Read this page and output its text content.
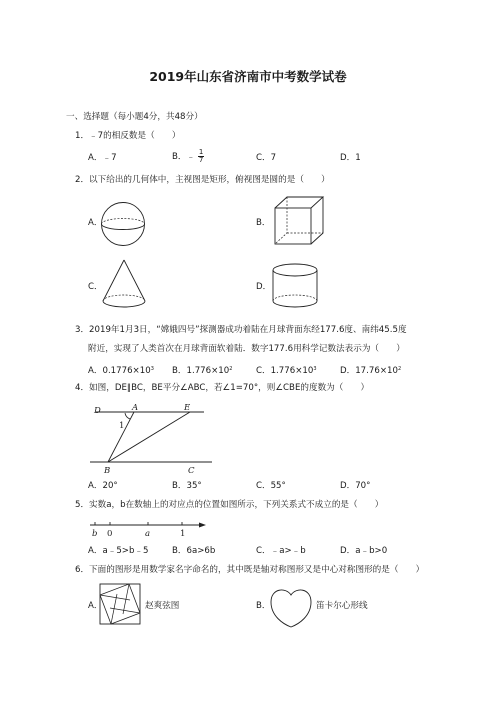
2019年山东省济南市中考数学试卷
一、选择题（每小题4分，共48分）
1．﹣7的相反数是（　　）
A．﹣7	B．﹣ $\frac{1}{7}$	C．7	D．1
2．以下给出的几何体中，主视图是矩形，俯视图是圆的是（　　）
A．	B．
C．	D．
3．2019年1月3日，“嫦娥四号”探测器成功着陆在月球背面东经177.6度、南纬45.5度
附近，实现了人类首次在月球背面软着陆．数字177.6用科学记数法表示为（　　）
A．$0.1776\times 10^3$ B．$1.776\times 10^2$	C．$1.776\times 10^3$	D．$17.76\times 10^2$
4．如图，DE∥BC，BE平分∠ABC，若∠1=70°，则∠CBE的度数为（　　）
D	A	E
1
B	C
A．20°	B．35°	C．55°	D．70°
5．实数a，b在数轴上的对应点的位置如图所示，下列关系式不成立的是（　　）
b 0	a	1
A．a﹣5>b﹣5	B．6a>6b	C．﹣a>﹣b	D．a﹣b>0
6．下面的图形是用数学家名字命名的，其中既是轴对称图形又是中心对称图形的是（　　）
A．	赵爽弦图	B．	笛卡尔心形线
